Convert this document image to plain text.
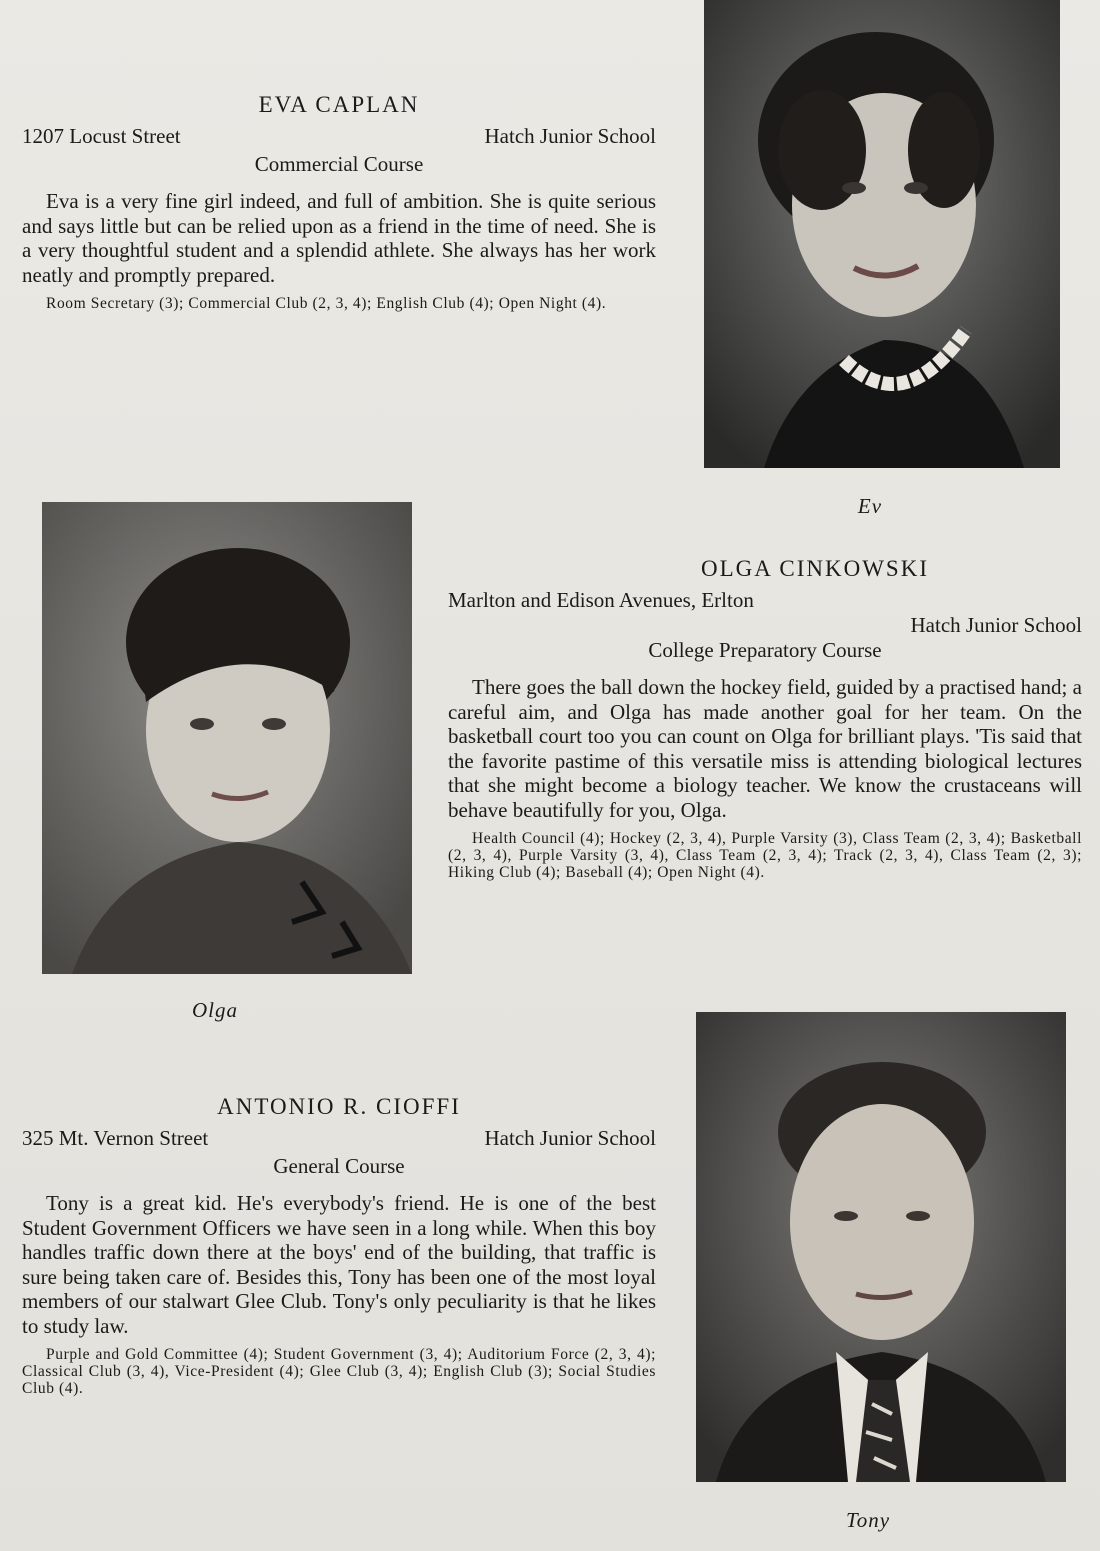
EVA CAPLAN
1207 Locust Street	Hatch Junior School
Commercial Course

Eva is a very fine girl indeed, and full of ambition. She is quite serious and says little but can be relied upon as a friend in the time of need. She is a very thoughtful student and a splendid athlete. She always has her work neatly and promptly prepared.

Room Secretary (3); Commercial Club (2, 3, 4); English Club (4); Open Night (4).

Ev
Olga
OLGA CINKOWSKI
Marlton and Edison Avenues, Erlton
Hatch Junior School
College Preparatory Course

There goes the ball down the hockey field, guided by a practised hand; a careful aim, and Olga has made another goal for her team. On the basketball court too you can count on Olga for brilliant plays. 'Tis said that the favorite pastime of this versatile miss is attending biological lectures that she might become a biology teacher. We know the crustaceans will behave beautifully for you, Olga.

Health Council (4); Hockey (2, 3, 4), Purple Varsity (3), Class Team (2, 3, 4); Basketball (2, 3, 4), Purple Varsity (3, 4), Class Team (2, 3, 4); Track (2, 3, 4), Class Team (2, 3); Hiking Club (4); Baseball (4); Open Night (4).

ANTONIO R. CIOFFI
325 Mt. Vernon Street	Hatch Junior School
General Course

Tony is a great kid. He's everybody's friend. He is one of the best Student Government Officers we have seen in a long while. When this boy handles traffic down there at the boys' end of the building, that traffic is sure being taken care of. Besides this, Tony has been one of the most loyal members of our stalwart Glee Club. Tony's only peculiarity is that he likes to study law.

Purple and Gold Committee (4); Student Government (3, 4); Auditorium Force (2, 3, 4); Classical Club (3, 4), Vice-President (4); Glee Club (3, 4); English Club (3); Social Studies Club (4).

Tony
